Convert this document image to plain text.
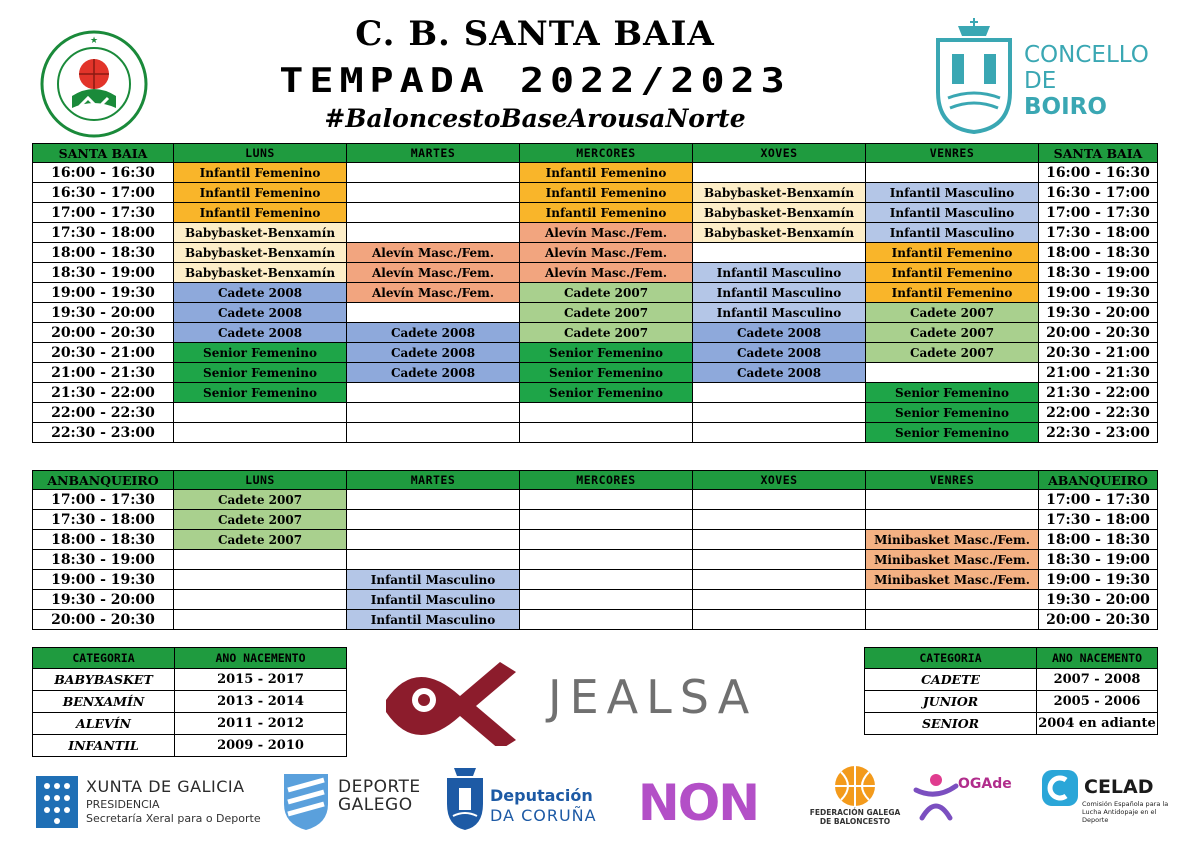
★	C. B. SANTA BAIA
TEMPADA 2022/2023
#BaloncestoBaseArousaNorte
CONCELLO
DE
BOIRO
SANTA BAIA	LUNS	MARTES	MERCORES	XOVES	VENRES	SANTA BAIA
16:00 - 16:30	Infantil Femenino		Infantil Femenino			16:00 - 16:30
16:30 - 17:00	Infantil Femenino		Infantil Femenino	Babybasket-Benxamín	Infantil Masculino	16:30 - 17:00
17:00 - 17:30	Infantil Femenino		Infantil Femenino	Babybasket-Benxamín	Infantil Masculino	17:00 - 17:30
17:30 - 18:00	Babybasket-Benxamín		Alevín Masc./Fem.	Babybasket-Benxamín	Infantil Masculino	17:30 - 18:00
18:00 - 18:30	Babybasket-Benxamín	Alevín Masc./Fem.	Alevín Masc./Fem.		Infantil Femenino	18:00 - 18:30
18:30 - 19:00	Babybasket-Benxamín	Alevín Masc./Fem.	Alevín Masc./Fem.	Infantil Masculino	Infantil Femenino	18:30 - 19:00
19:00 - 19:30	Cadete 2008	Alevín Masc./Fem.	Cadete 2007	Infantil Masculino	Infantil Femenino	19:00 - 19:30
19:30 - 20:00	Cadete 2008		Cadete 2007	Infantil Masculino	Cadete 2007	19:30 - 20:00
20:00 - 20:30	Cadete 2008	Cadete 2008	Cadete 2007	Cadete 2008	Cadete 2007	20:00 - 20:30
20:30 - 21:00	Senior Femenino	Cadete 2008	Senior Femenino	Cadete 2008	Cadete 2007	20:30 - 21:00
21:00 - 21:30	Senior Femenino	Cadete 2008	Senior Femenino	Cadete 2008		21:00 - 21:30
21:30 - 22:00	Senior Femenino		Senior Femenino		Senior Femenino	21:30 - 22:00
22:00 - 22:30					Senior Femenino	22:00 - 22:30
22:30 - 23:00					Senior Femenino	22:30 - 23:00
ANBANQUEIRO	LUNS	MARTES	MERCORES	XOVES	VENRES	ABANQUEIRO
17:00 - 17:30	Cadete 2007					17:00 - 17:30
17:30 - 18:00	Cadete 2007					17:30 - 18:00
18:00 - 18:30	Cadete 2007				Minibasket Masc./Fem.	18:00 - 18:30
18:30 - 19:00					Minibasket Masc./Fem.	18:30 - 19:00
19:00 - 19:30		Infantil Masculino			Minibasket Masc./Fem.	19:00 - 19:30
19:30 - 20:00		Infantil Masculino				19:30 - 20:00
20:00 - 20:30		Infantil Masculino				20:00 - 20:30
CATEGORIA	ANO NACEMENTO
BABYBASKET	2015 - 2017
BENXAMÍN	2013 - 2014
ALEVÍN	2011 - 2012
INFANTIL	2009 - 2010
CATEGORIA	ANO NACEMENTO
CADETE	2007 - 2008
JUNIOR	2005 - 2006
SENIOR	2004 en adiante
JEALSA
XUNTA DE GALICIA
PRESIDENCIA
Secretaría Xeral para o Deporte
DEPORTE
GALEGO	Deputación
DA CORUÑA NON	FEDERACIÓN GALEGA
DE BALONCESTO
OGAde	CELAD
Comisión Española para la Lucha Antidopaje en el Deporte
